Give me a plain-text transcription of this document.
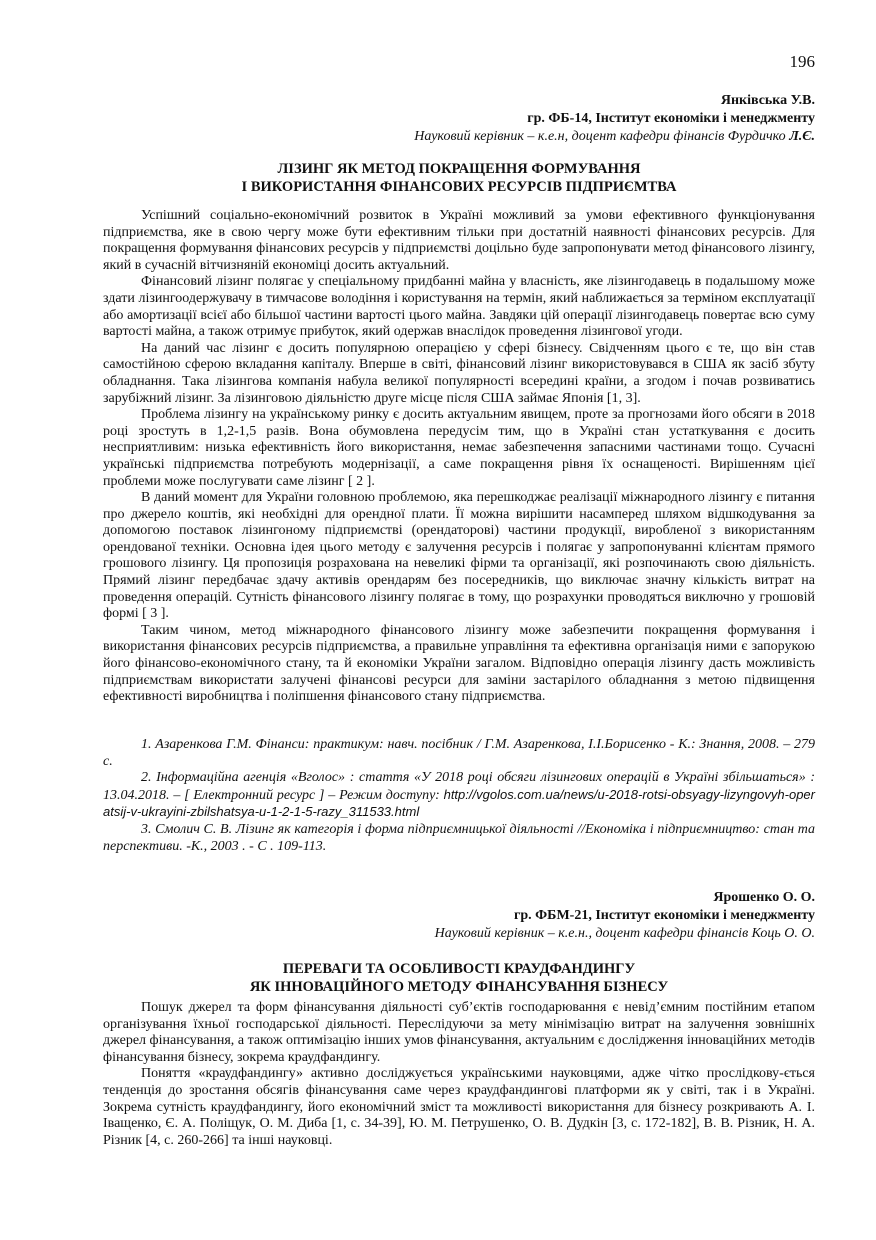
196
Янківська У.В.
гр. ФБ-14, Інститут економіки і менеджменту
Науковий керівник – к.е.н, доцент кафедри фінансів Фурдичко Л.Є.
ЛІЗИНГ ЯК МЕТОД ПОКРАЩЕННЯ ФОРМУВАННЯ
І ВИКОРИСТАННЯ ФІНАНСОВИХ РЕСУРСІВ ПІДПРИЄМТВА

Успішний соціально-економічний розвиток в Україні можливий за умови ефективного функціонування підприємства, яке в свою чергу може бути ефективним тільки при достатній наявності фінансових ресурсів. Для покращення формування фінансових ресурсів у підприємстві доцільно буде запропонувати метод фінансового лізингу, який в сучасній вітчизняній економіці досить актуальний.

Фінансовий лізинг полягає у спеціальному придбанні майна у власність, яке лізингодавець в подальшому може здати лізингоодержувачу в тимчасове володіння і користування на термін, який наближається за терміном експлуатації або амортизації всієї або більшої частини вартості цього майна. Завдяки цій операції лізингодавець повертає всю суму вартості майна, а також отримує прибуток, який одержав внаслідок проведення лізингової угоди.

На даний час лізинг є досить популярною операцією у сфері бізнесу. Свідченням цього є те, що він став самостійною сферою вкладання капіталу. Вперше в світі, фінансовий лізинг використовувався в США як засіб збуту обладнання. Така лізингова компанія набула великої популярності всередині країни, а згодом і почав розвиватись зарубіжний лізинг. За лізинговою діяльністю друге місце після США займає Японія [1, 3].

Проблема лізингу на українському ринку є досить актуальним явищем, проте за прогнозами його обсяги в 2018 році зростуть в 1,2-1,5 разів. Вона обумовлена передусім тим, що в Україні стан устаткування є досить несприятливим: низька ефективність його використання, немає забезпечення запасними частинами тощо. Сучасні українські підприємства потребують модернізації, а саме покращення рівня їх оснащеності. Вирішенням цієї проблеми може послугувати саме лізинг [ 2 ].

В даний момент для України головною проблемою, яка перешкоджає реалізації міжнародного лізингу є питання про джерело коштів, які необхідні для орендної плати. Її можна вирішити насамперед шляхом відшкодування за допомогою поставок лізингоному підприємстві (орендаторові) частини продукції, виробленої з використанням орендованої техніки. Основна ідея цього методу є залучення ресурсів і полягає у запропонуванні клієнтам прямого грошового лізингу. Ця пропозиція розрахована на невеликі фірми та організації, які розпочинають свою діяльність. Прямий лізинг передбачає здачу активів орендарям без посередників, що виключає значну кількість витрат на проведення операцій. Сутність фінансового лізингу полягає в тому, що розрахунки проводяться виключно у грошовій формі [ 3 ].

Таким чином, метод міжнародного фінансового лізингу може забезпечити покращення формування і використання фінансових ресурсів підприємства, а правильне управління та ефективна організація ними є запорукою його фінансово-економічного стану, та й економіки України загалом. Відповідно операція лізингу дасть можливість підприємствам використати залучені фінансові ресурси для заміни застарілого обладнання з метою підвищення ефективності виробництва і поліпшення фінансового стану підприємства.

1. Азаренкова Г.М. Фінанси: практикум: навч. посібник / Г.М. Азаренкова, І.І.Борисенко - К.: Знання, 2008. – 279 с.

2. Інформаційна агенція «Вголос» : стаття «У 2018 році обсяги лізингових операцій в Україні збільшаться» : 13.04.2018. – [ Електронний ресурс ] – Режим доступу: http://vgolos.com.ua/news/u-2018-rotsi-obsyagy-lizyngovyh-operatsij-v-ukrayini-zbilshatsya-u-1-2-1-5-razy_311533.html

3. Смолич С. В. Лізинг як категорія і форма підприємницької діяльності //Економіка і підприємництво: стан та перспективи. -К., 2003 . - С . 109-113.

Ярошенко О. О.
гр. ФБМ-21, Інститут економіки і менеджменту
Науковий керівник – к.е.н., доцент кафедри фінансів Коць О. О.
ПЕРЕВАГИ ТА ОСОБЛИВОСТІ КРАУДФАНДИНГУ
ЯК ІННОВАЦІЙНОГО МЕТОДУ ФІНАНСУВАННЯ БІЗНЕСУ

Пошук джерел та форм фінансування діяльності суб’єктів господарювання є невід’ємним постійним етапом організування їхньої господарської діяльності. Переслідуючи за мету мінімізацію витрат на залучення зовнішніх джерел фінансування, а також оптимізацію інших умов фінансування, актуальним є дослідження інноваційних методів фінансування бізнесу, зокрема краудфандингу.

Поняття «краудфандингу» активно досліджується українськими науковцями, адже чітко прослідкову-ється тенденція до зростання обсягів фінансування саме через краудфандингові платформи як у світі, так і в Україні. Зокрема сутність краудфандингу, його економічний зміст та можливості використання для бізнесу розкривають А. І. Іващенко, Є. А. Поліщук, О. М. Диба [1, с. 34-39], Ю. М. Петрушенко, О. В. Дудкін [3, с. 172-182], В. В. Різник, Н. А. Різник [4, с. 260-266] та інші науковці.
